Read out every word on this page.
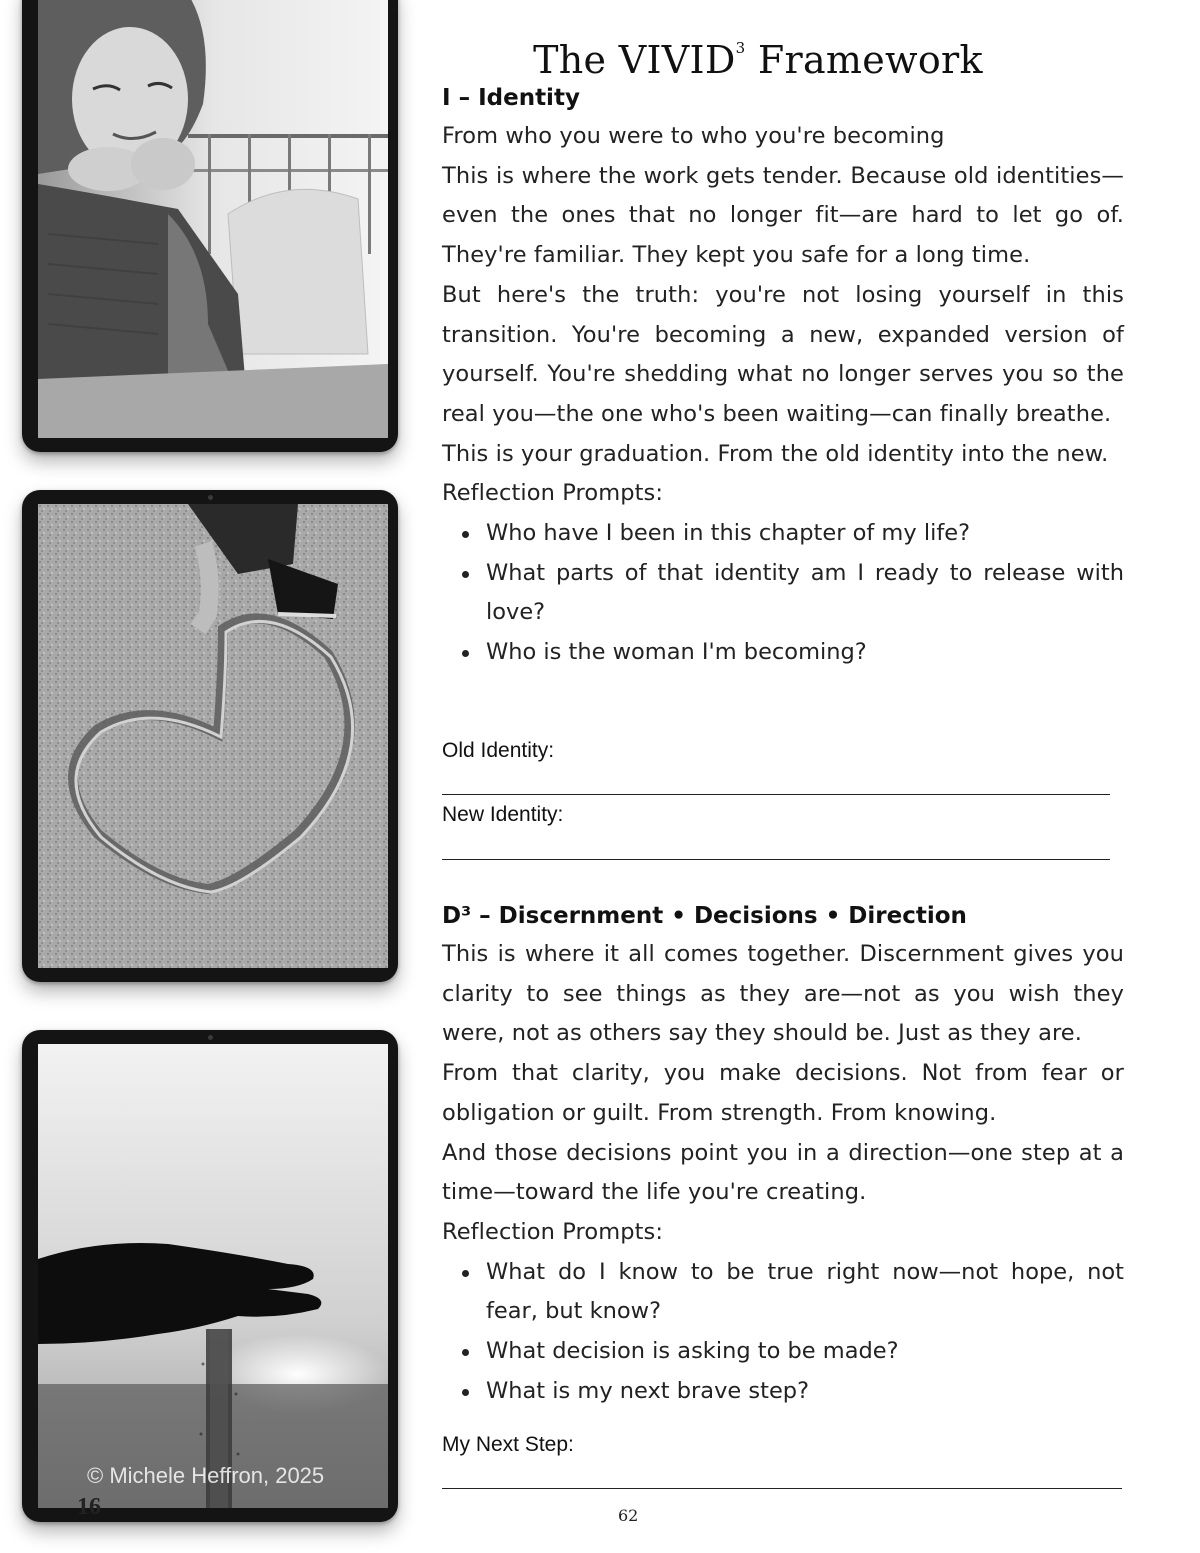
© Michele Heffron, 2025
16
The VIVID$^3$ Framework

I – Identity

From who you were to who you're becoming

This is where the work gets tender. Because old identities—even the ones that no longer fit—are hard to let go of. They're familiar. They kept you safe for a long time.

But here's the truth: you're not losing yourself in this transition. You're becoming a new, expanded version of yourself. You're shedding what no longer serves you so the real you—the one who's been waiting—can finally breathe.

This is your graduation. From the old identity into the new.

Reflection Prompts:

Who have I been in this chapter of my life?
What parts of that identity am I ready to release with love?
Who is the woman I'm becoming?
Old Identity:
New Identity:

D³ – Discernment • Decisions • Direction

This is where it all comes together. Discernment gives you clarity to see things as they are—not as you wish they were, not as others say they should be. Just as they are.

From that clarity, you make decisions. Not from fear or obligation or guilt. From strength. From knowing.

And those decisions point you in a direction—one step at a time—toward the life you're creating.

Reflection Prompts:

What do I know to be true right now—not hope, not fear, but know?
What decision is asking to be made?
What is my next brave step?
My Next Step:
62
